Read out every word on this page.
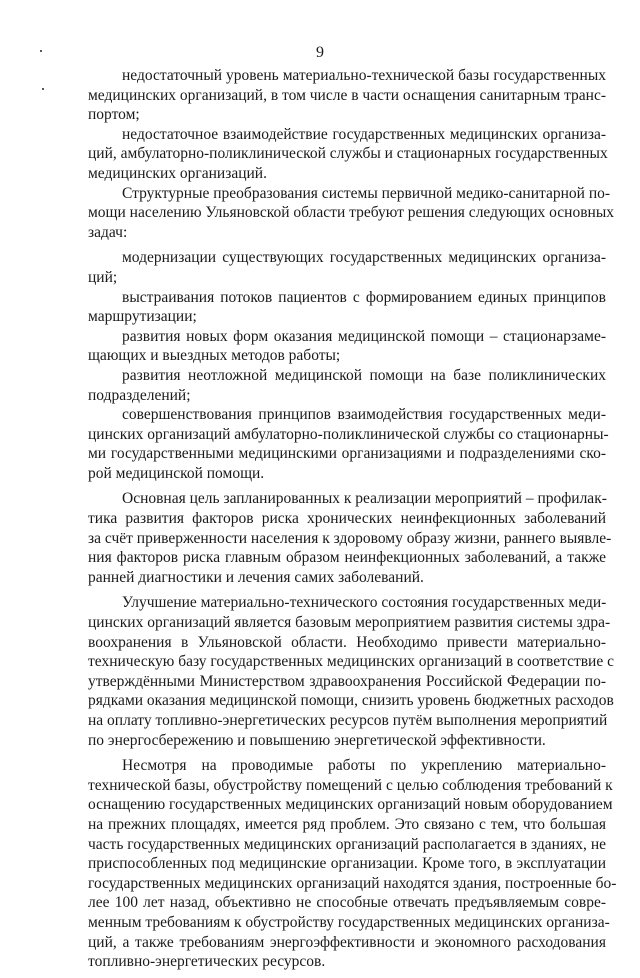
9
недостаточный уровень материально-технической базы государственных
медицинских организаций, в том числе в части оснащения санитарным транс-
портом;
недостаточное взаимодействие государственных медицинских организа-
ций, амбулаторно-поликлинической службы и стационарных государственных
медицинских организаций.
Структурные преобразования системы первичной медико-санитарной по-
мощи населению Ульяновской области требуют решения следующих основных
задач:
модернизации существующих государственных медицинских организа-
ций;
выстраивания потоков пациентов с формированием единых принципов
маршрутизации;
развития новых форм оказания медицинской помощи – стационарзаме-
щающих и выездных методов работы;
развития неотложной медицинской помощи на базе поликлинических
подразделений;
совершенствования принципов взаимодействия государственных меди-
цинских организаций амбулаторно-поликлинической службы со стационарны-
ми государственными медицинскими организациями и подразделениями ско-
рой медицинской помощи.
Основная цель запланированных к реализации мероприятий – профилак-
тика развития факторов риска хронических неинфекционных заболеваний
за счёт приверженности населения к здоровому образу жизни, раннего выявле-
ния факторов риска главным образом неинфекционных заболеваний, а также
ранней диагностики и лечения самих заболеваний.
Улучшение материально-технического состояния государственных меди-
цинских организаций является базовым мероприятием развития системы здра-
воохранения в Ульяновской области. Необходимо привести материально-
техническую базу государственных медицинских организаций в соответствие с
утверждёнными Министерством здравоохранения Российской Федерации по-
рядками оказания медицинской помощи, снизить уровень бюджетных расходов
на оплату топливно-энергетических ресурсов путём выполнения мероприятий
по энергосбережению и повышению энергетической эффективности.
Несмотря на проводимые работы по укреплению материально-
технической базы, обустройству помещений с целью соблюдения требований к
оснащению государственных медицинских организаций новым оборудованием
на прежних площадях, имеется ряд проблем. Это связано с тем, что большая
часть государственных медицинских организаций располагается в зданиях, не
приспособленных под медицинские организации. Кроме того, в эксплуатации
государственных медицинских организаций находятся здания, построенные бо-
лее 100 лет назад, объективно не способные отвечать предъявляемым совре-
менным требованиям к обустройству государственных медицинских организа-
ций, а также требованиям энергоэффективности и экономного расходования
топливно-энергетических ресурсов.
